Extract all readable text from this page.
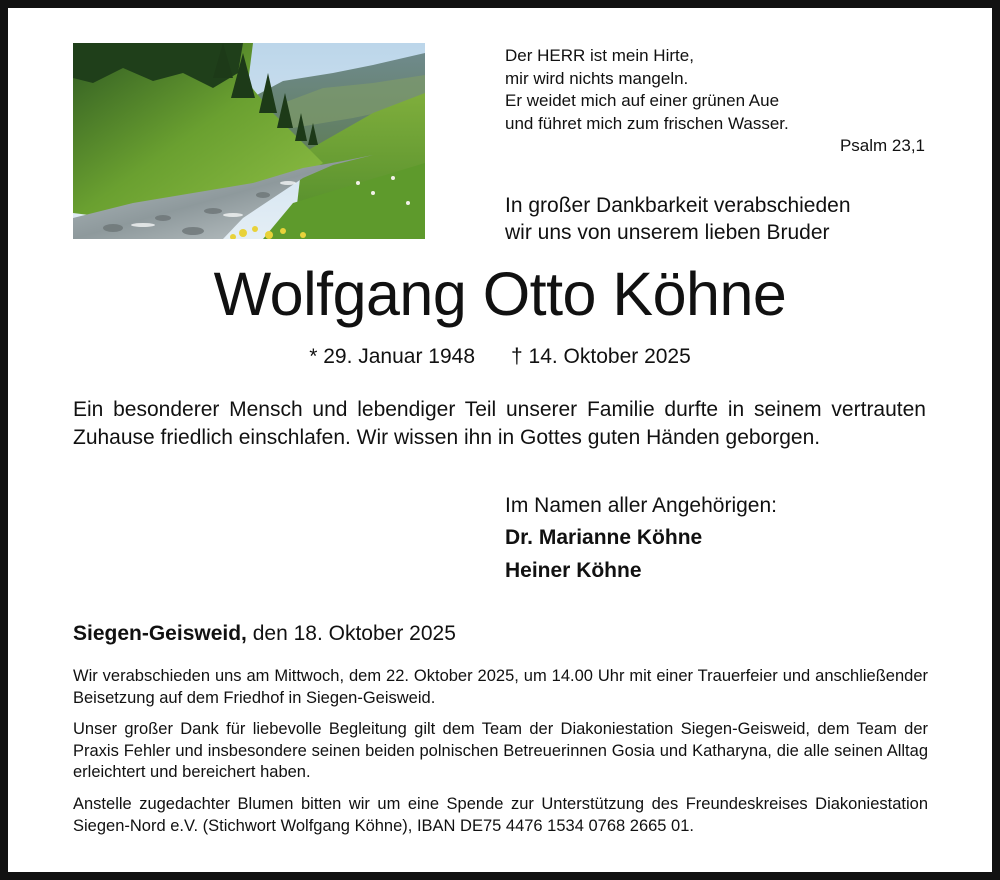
Der HERR ist mein Hirte,
mir wird nichts mangeln.
Er weidet mich auf einer grünen Aue
und führet mich zum frischen Wasser.
Psalm 23,1
In großer Dankbarkeit verabschieden
wir uns von unserem lieben Bruder
Wolfgang Otto Köhne
* 29. Januar 1948 † 14. Oktober 2025
Ein besonderer Mensch und lebendiger Teil unserer Familie durfte in seinem vertrauten Zuhause friedlich einschlafen. Wir wissen ihn in Gottes guten Händen geborgen.
Im Namen aller Angehörigen:
Dr. Marianne Köhne
Heiner Köhne
Siegen-Geisweid, den 18. Oktober 2025
Wir verabschieden uns am Mittwoch, dem 22. Oktober 2025, um 14.00 Uhr mit einer Trauerfeier und anschließender Beisetzung auf dem Friedhof in Siegen-Geisweid.
Unser großer Dank für liebevolle Begleitung gilt dem Team der Diakoniestation Siegen-Geisweid, dem Team der Praxis Fehler und insbesondere seinen beiden polnischen Betreuerinnen Gosia und Katharyna, die alle seinen Alltag erleichtert und bereichert haben.
Anstelle zugedachter Blumen bitten wir um eine Spende zur Unterstützung des Freundeskreises Diakoniestation Siegen-Nord e.V. (Stichwort Wolfgang Köhne), IBAN DE75 4476 1534 0768 2665 01.
